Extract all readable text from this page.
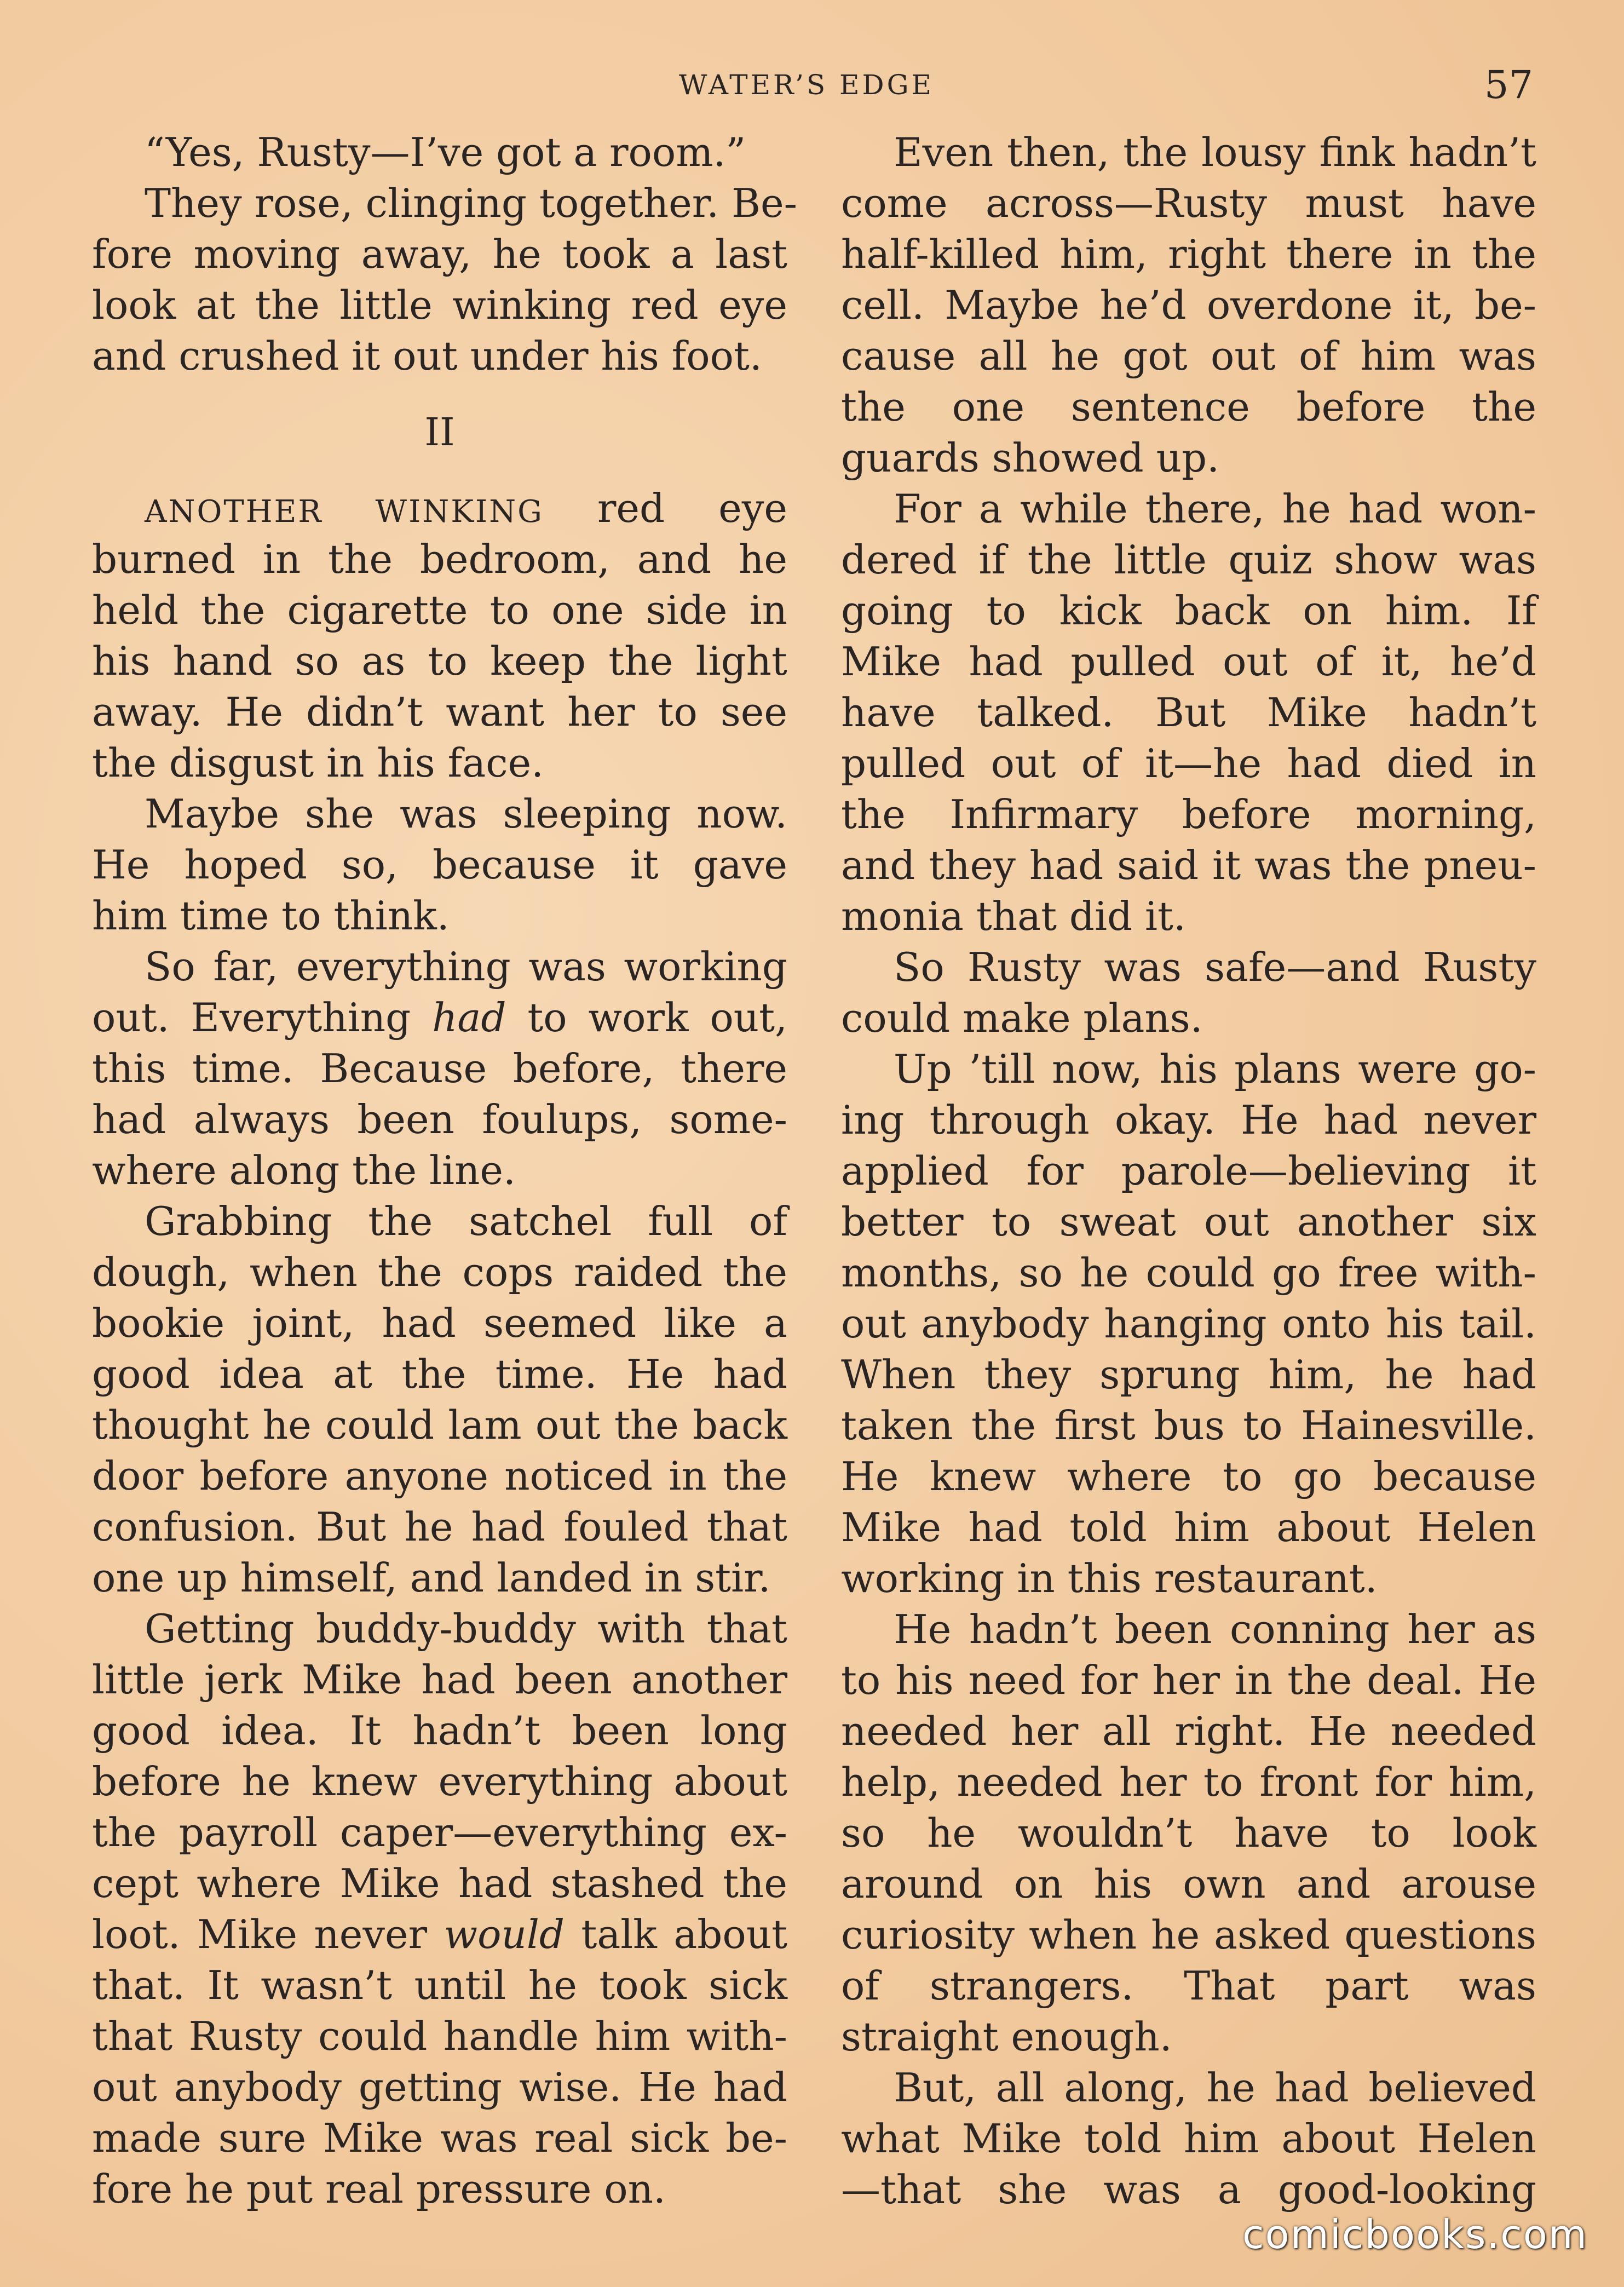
WATER’S EDGE	57
“Yes, Rusty—I’ve got a room.”
They rose, clinging together. Be-
fore moving away, he took a last
look at the little winking red eye
and crushed it out under his foot.
II
ANOTHER WINKING red eye
burned in the bedroom, and he
held the cigarette to one side in
his hand so as to keep the light
away. He didn’t want her to see
the disgust in his face.
Maybe she was sleeping now.
He hoped so, because it gave
him time to think.
So far, everything was working
out. Everything had to work out,
this time. Because before, there
had always been foulups, some-
where along the line.
Grabbing the satchel full of
dough, when the cops raided the
bookie joint, had seemed like a
good idea at the time. He had
thought he could lam out the back
door before anyone noticed in the
confusion. But he had fouled that
one up himself, and landed in stir.
Getting buddy-buddy with that
little jerk Mike had been another
good idea. It hadn’t been long
before he knew everything about
the payroll caper—everything ex-
cept where Mike had stashed the
loot. Mike never would talk about
that. It wasn’t until he took sick
that Rusty could handle him with-
out anybody getting wise. He had
made sure Mike was real sick be-
fore he put real pressure on.
Even then, the lousy fink hadn’t
come across—Rusty must have
half-killed him, right there in the
cell. Maybe he’d overdone it, be-
cause all he got out of him was
the one sentence before the
guards showed up.
For a while there, he had won-
dered if the little quiz show was
going to kick back on him. If
Mike had pulled out of it, he’d
have talked. But Mike hadn’t
pulled out of it—he had died in
the Infirmary before morning,
and they had said it was the pneu-
monia that did it.
So Rusty was safe—and Rusty
could make plans.
Up ’till now, his plans were go-
ing through okay. He had never
applied for parole—believing it
better to sweat out another six
months, so he could go free with-
out anybody hanging onto his tail.
When they sprung him, he had
taken the first bus to Hainesville.
He knew where to go because
Mike had told him about Helen
working in this restaurant.
He hadn’t been conning her as
to his need for her in the deal. He
needed her all right. He needed
help, needed her to front for him,
so he wouldn’t have to look
around on his own and arouse
curiosity when he asked questions
of strangers. That part was
straight enough.
But, all along, he had believed
what Mike told him about Helen
—that she was a good-looking
comicbooks.com
